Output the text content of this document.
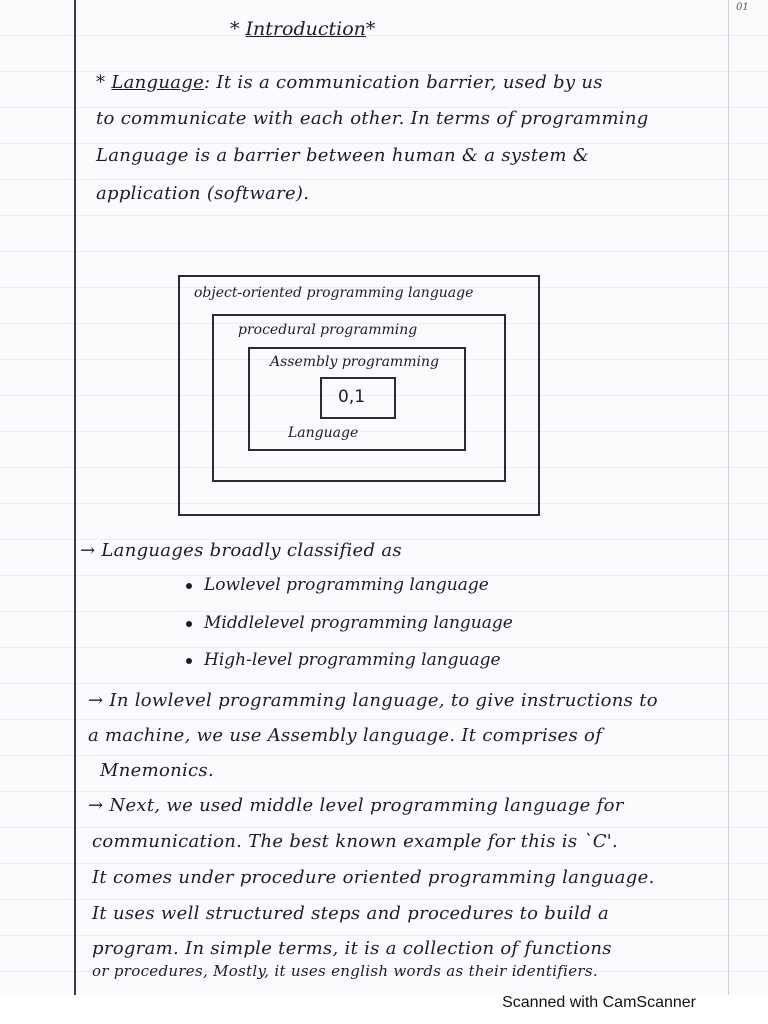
01
* Introduction*
* Language: It is a communication barrier, used by us
to communicate with each other. In terms of programming
Language is a barrier between human & a system &
application (software).
object-oriented programming language
procedural programming
Assembly programming
0,1
Language
→ Languages broadly classified as
Lowlevel programming language
Middlelevel programming language
High-level programming language
→ In lowlevel programming language, to give instructions to
a machine, we use Assembly language. It comprises of
Mnemonics.
→ Next, we used middle level programming language for
communication. The best known example for this is `C'.
It comes under procedure oriented programming language.
It uses well structured steps and procedures to build a
program. In simple terms, it is a collection of functions
or procedures, Mostly, it uses english words as their identifiers.
Scanned with CamScanner
